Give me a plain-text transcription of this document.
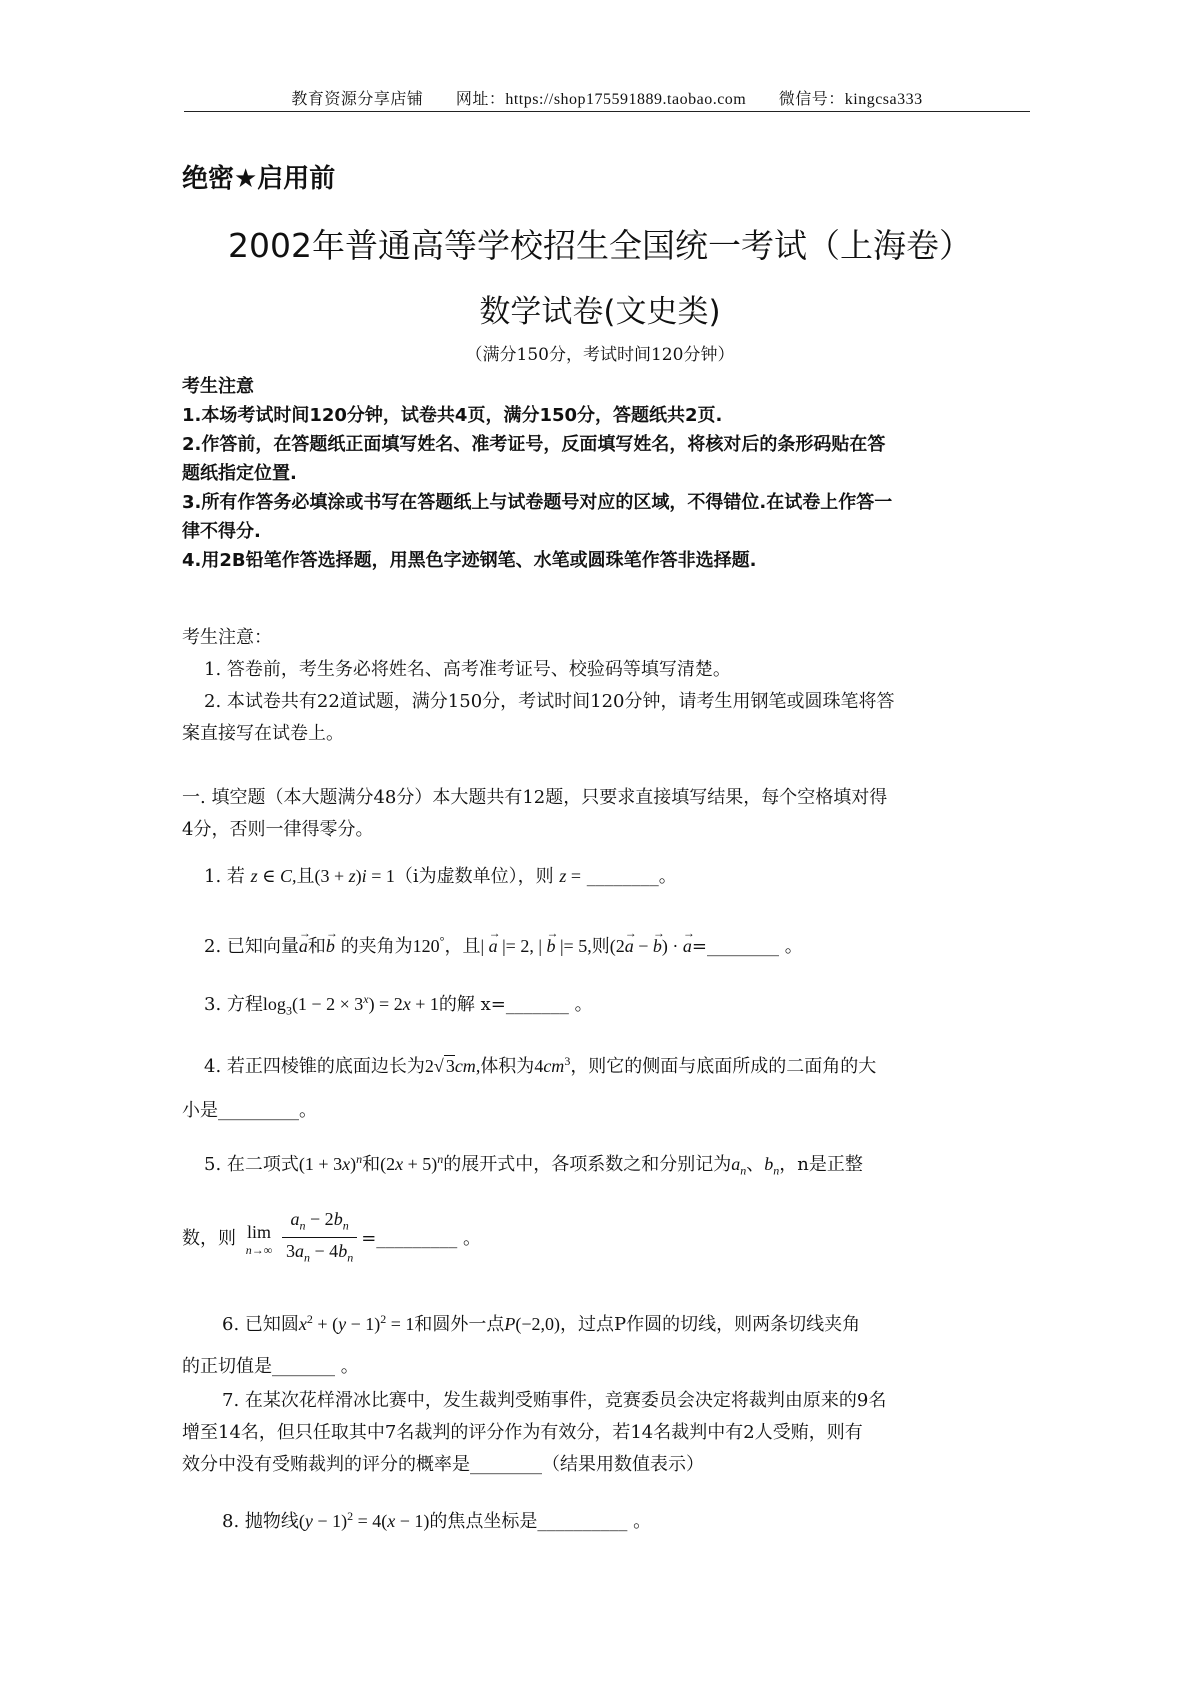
教育资源分享店铺 网址：https://shop175591889.taobao.com 微信号：kingcsa333
绝密★启用前
2002年普通高等学校招生全国统一考试（上海卷）
数学试卷(文史类)
（满分150分，考试时间120分钟）
考生注意
1.本场考试时间120分钟，试卷共4页，满分150分，答题纸共2页.
2.作答前，在答题纸正面填写姓名、准考证号，反面填写姓名，将核对后的条形码贴在答
题纸指定位置.
3.所有作答务必填涂或书写在答题纸上与试卷题号对应的区域，不得错位.在试卷上作答一
律不得分.
4.用2B铅笔作答选择题，用黑色字迹钢笔、水笔或圆珠笔作答非选择题.
考生注意：
1. 答卷前，考生务必将姓名、高考准考证号、校验码等填写清楚。
2. 本试卷共有22道试题，满分150分，考试时间120分钟，请考生用钢笔或圆珠笔将答
案直接写在试卷上。
一. 填空题（本大题满分48分）本大题共有12题，只要求直接填写结果，每个空格填对得
4分，否则一律得零分。
1. 若 z ∈ C,且(3 + z)i = 1（i为虚数单位），则 z = ________。
2. 已知向量→ a和→ b 的夹角为120°，且| → a |= 2, | → b |= 5,则(2→ a − → b) · → a=________ 。
3. 方程$\log_3(1 - 2 \times 3^x) = 2x + 1$的解 x=_______ 。
4. 若正四棱锥的底面边长为2√ 3cm,体积为$4cm^3$，则它的侧面与底面所成的二面角的大
小是_________。
5. 在二项式$(1 + 3x)^n$和$(2x + 5)^n$的展开式中，各项系数之和分别记为$a_n$、$b_n$，n是正整
数，则 lim
n→∞
$\frac{a_n - 2b_n}{3a_n - 4b_n}$ =_________ 。
6. 已知圆$x^2 + (y - 1)^2 = 1$和圆外一点P(−2,0)，过点P作圆的切线，则两条切线夹角
的正切值是_______ 。
7. 在某次花样滑冰比赛中，发生裁判受贿事件，竞赛委员会决定将裁判由原来的9名
增至14名，但只任取其中7名裁判的评分作为有效分，若14名裁判中有2人受贿，则有
效分中没有受贿裁判的评分的概率是________（结果用数值表示）
8. 抛物线$(y - 1)^2 = 4(x - 1)$的焦点坐标是__________ 。
